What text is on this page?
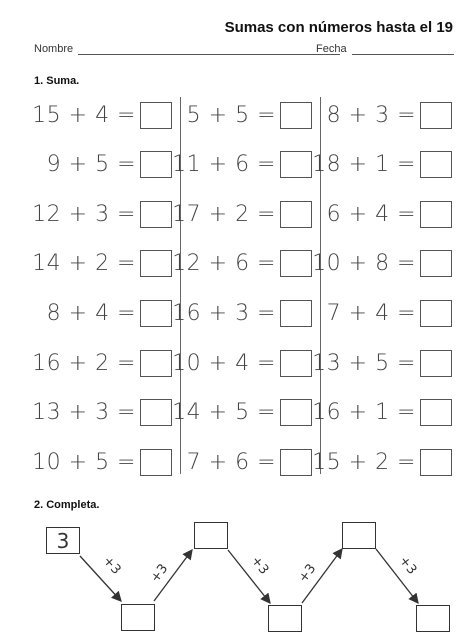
Sumas con números hasta el 19
Nombre	Fecha
1. Suma.
15 + 4 = 5 + 5 = 8 + 3 =
9 + 5 = 11 + 6 = 18 + 1 =
12 + 3 = 17 + 2 = 6 + 4 =
14 + 2 = 12 + 6 = 10 + 8 =
8 + 4 = 16 + 3 = 7 + 4 =
16 + 2 = 10 + 4 = 13 + 5 =
13 + 3 = 14 + 5 = 16 + 1 =
10 + 5 = 7 + 6 = 15 + 2 =
2. Completa.
3
+3 +3	+3 +3	+3
